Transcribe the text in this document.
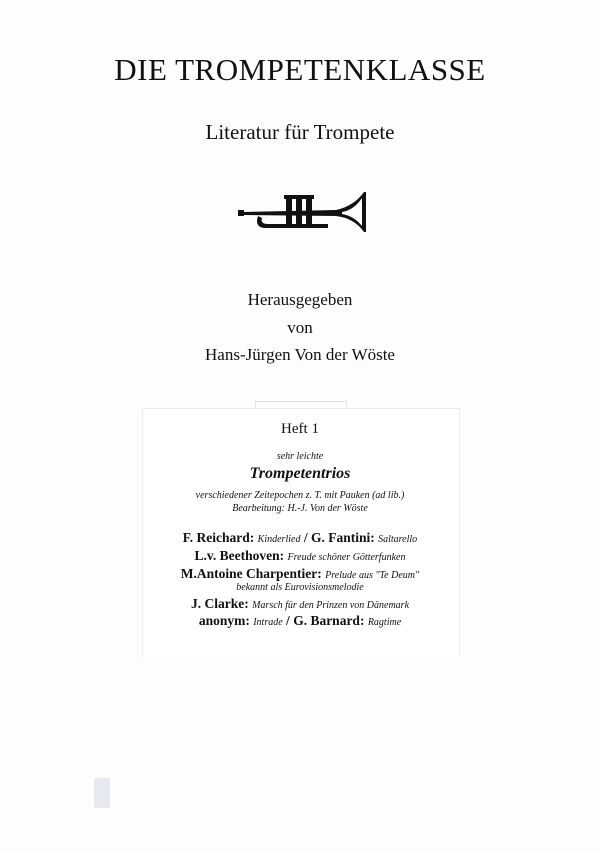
DIE TROMPETENKLASSE
Literatur für Trompete
Herausgegeben
von
Hans-Jürgen Von der Wöste
Heft 1
sehr leichte
Trompetentrios
verschiedener Zeitepochen z. T. mit Pauken (ad lib.)
Bearbeitung: H.-J. Von der Wöste
F. Reichard: Kinderlied / G. Fantini: Saltarello
L.v. Beethoven: Freude schöner Götterfunken
M.Antoine Charpentier: Prelude aus "Te Deum"
bekannt als Eurovisionsmelodie
J. Clarke: Marsch für den Prinzen von Dänemark
anonym: Intrade / G. Barnard: Ragtime
